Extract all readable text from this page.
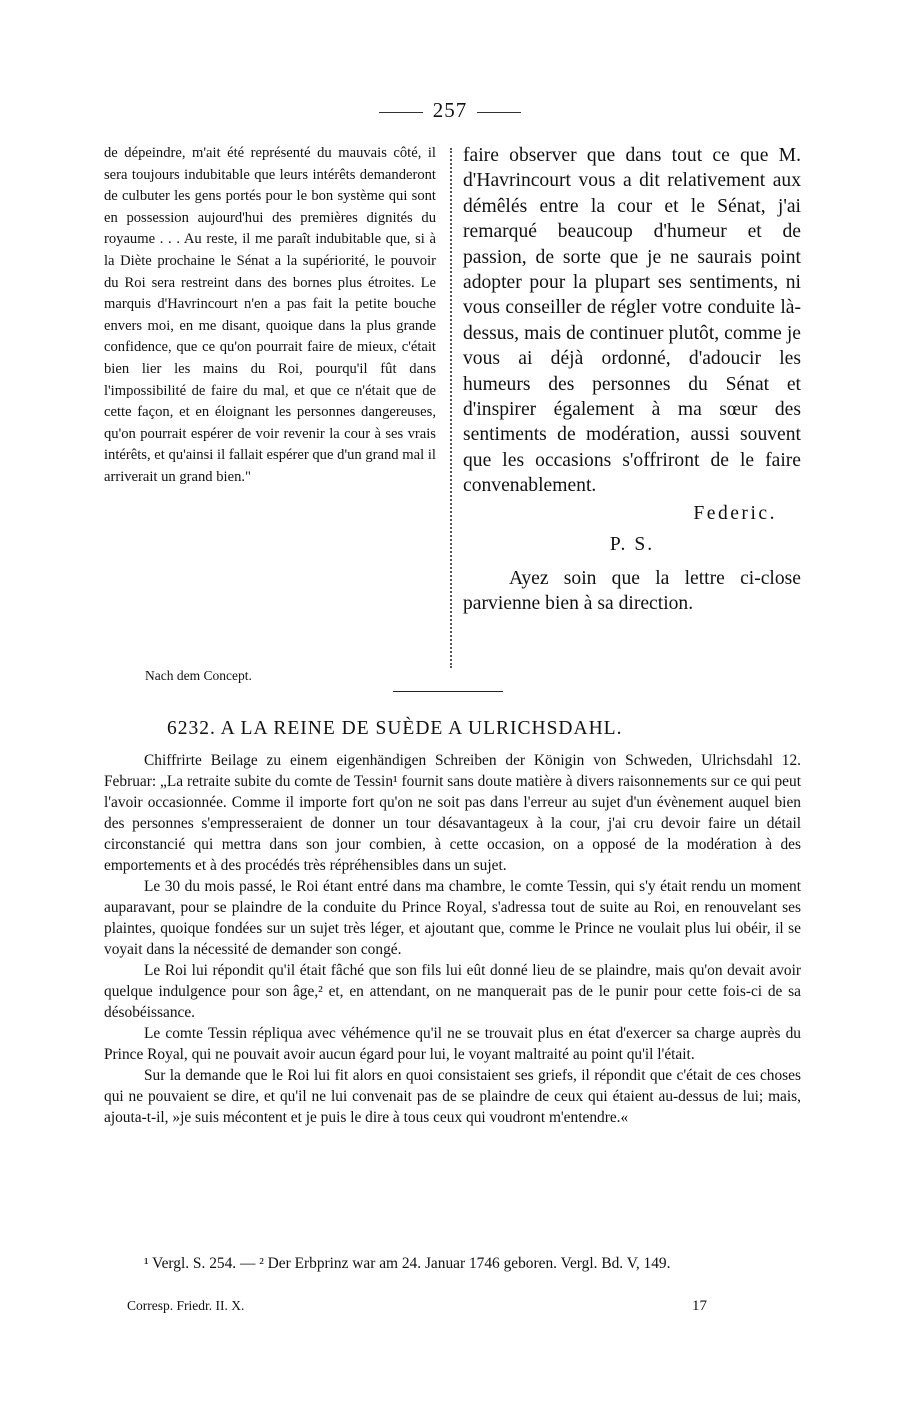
257

de dépeindre, m'ait été représenté du mauvais côté, il sera toujours indubitable que leurs intérêts demanderont de culbuter les gens portés pour le bon système qui sont en possession aujourd'hui des premières dignités du royaume . . . Au reste, il me paraît indubitable que, si à la Diète prochaine le Sénat a la supériorité, le pouvoir du Roi sera restreint dans des bornes plus étroites. Le marquis d'Havrincourt n'en a pas fait la petite bouche envers moi, en me disant, quoique dans la plus grande confidence, que ce qu'on pourrait faire de mieux, c'était bien lier les mains du Roi, pourqu'il fût dans l'impossibilité de faire du mal, et que ce n'était que de cette façon, et en éloignant les personnes dangereuses, qu'on pourrait espérer de voir revenir la cour à ses vrais intérêts, et qu'ainsi il fallait espérer que d'un grand mal il arriverait un grand bien."

faire observer que dans tout ce que M. d'Havrincourt vous a dit relativement aux démêlés entre la cour et le Sénat, j'ai remarqué beaucoup d'humeur et de passion, de sorte que je ne saurais point adopter pour la plupart ses sentiments, ni vous conseiller de régler votre conduite là-dessus, mais de continuer plutôt, comme je vous ai déjà ordonné, d'adoucir les humeurs des personnes du Sénat et d'inspirer également à ma sœur des sentiments de modération, aussi souvent que les occasions s'offriront de le faire convenablement.

Federic.

P. S.

Ayez soin que la lettre ci-close parvienne bien à sa direction.

Nach dem Concept.
6232. A LA REINE DE SUÈDE A ULRICHSDAHL.

Chiffrirte Beilage zu einem eigenhändigen Schreiben der Königin von Schweden, Ulrichsdahl 12. Februar: „La retraite subite du comte de Tessin¹ fournit sans doute matière à divers raisonnements sur ce qui peut l'avoir occasionnée. Comme il importe fort qu'on ne soit pas dans l'erreur au sujet d'un évènement auquel bien des personnes s'empresseraient de donner un tour désavantageux à la cour, j'ai cru devoir faire un détail circonstancié qui mettra dans son jour combien, à cette occasion, on a opposé de la modération à des emportements et à des procédés très répréhensibles dans un sujet.

Le 30 du mois passé, le Roi étant entré dans ma chambre, le comte Tessin, qui s'y était rendu un moment auparavant, pour se plaindre de la conduite du Prince Royal, s'adressa tout de suite au Roi, en renouvelant ses plaintes, quoique fondées sur un sujet très léger, et ajoutant que, comme le Prince ne voulait plus lui obéir, il se voyait dans la nécessité de demander son congé.

Le Roi lui répondit qu'il était fâché que son fils lui eût donné lieu de se plaindre, mais qu'on devait avoir quelque indulgence pour son âge,² et, en attendant, on ne manquerait pas de le punir pour cette fois-ci de sa désobéissance.

Le comte Tessin répliqua avec véhémence qu'il ne se trouvait plus en état d'exercer sa charge auprès du Prince Royal, qui ne pouvait avoir aucun égard pour lui, le voyant maltraité au point qu'il l'était.

Sur la demande que le Roi lui fit alors en quoi consistaient ses griefs, il répondit que c'était de ces choses qui ne pouvaient se dire, et qu'il ne lui convenait pas de se plaindre de ceux qui étaient au-dessus de lui; mais, ajouta-t-il, »je suis mécontent et je puis le dire à tous ceux qui voudront m'entendre.«

¹ Vergl. S. 254. — ² Der Erbprinz war am 24. Januar 1746 geboren. Vergl. Bd. V, 149.

Corresp. Friedr. II. X.	17
